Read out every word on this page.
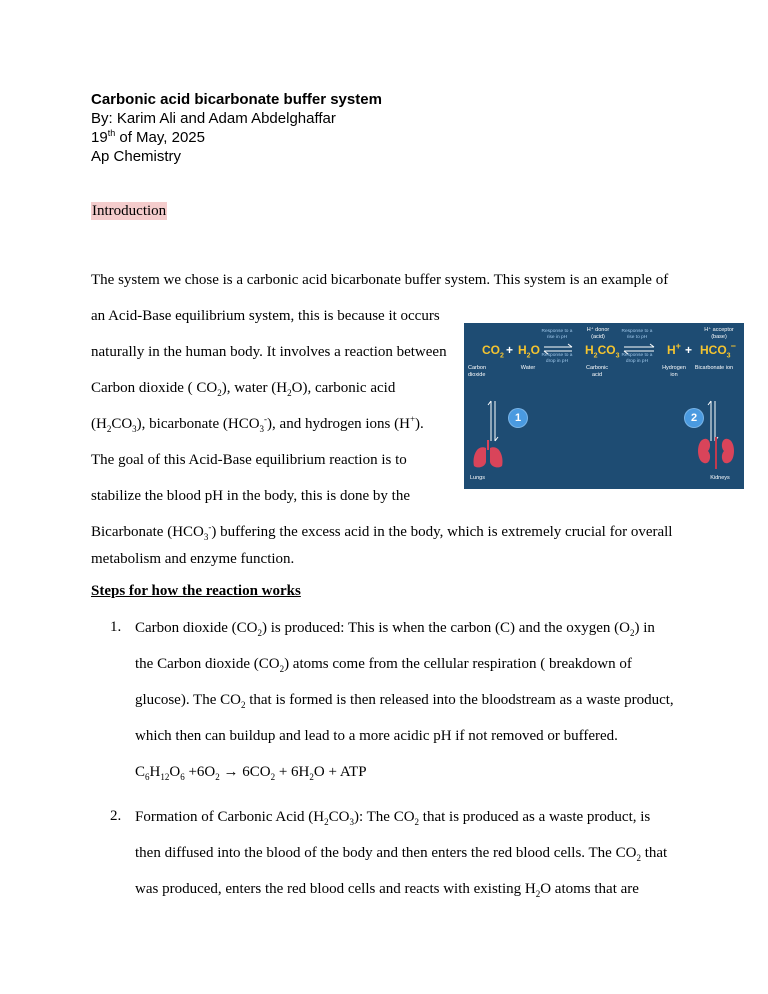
Carbonic acid bicarbonate buffer system
By: Karim Ali and Adam Abdelghaffar
19th of May, 2025
Ap Chemistry
Introduction
The system we chose is a carbonic acid bicarbonate buffer system. This system is an example of
an Acid-Base equilibrium system, this is because it occurs
naturally in the human body. It involves a reaction between
Carbon dioxide ( $CO_2$), water $(H_2O)$, carbonic acid
$(H_2CO_3)$, bicarbonate $(HCO_3^-)$, and hydrogen ions (H+).
The goal of this Acid-Base equilibrium reaction is to
stabilize the blood pH in the body, this is done by the
Bicarbonate $(HCO_3^-)$ buffering the excess acid in the body, which is extremely crucial for overall
metabolism and enzyme function.
Response to a rise in pH
Response to a drop in pH
Response to a rise to pH
Response to a drop in pH
H⁺ donor (acid)
H⁺ acceptor (base)
$CO_2 + H_2O$	$H_2CO_3$	$H^+ + HCO_3^-$
Carbon dioxide
Water	Carbonic acid
Hydrogen ion
Bicarbonate ion
1	2
Lungs	Kidneys
Steps for how the reaction works
1. Carbon dioxide $(CO_2)$ is produced: This is when the carbon (C) and the oxygen $(O_2)$ in
the Carbon dioxide $(CO_2)$ atoms come from the cellular respiration ( breakdown of
glucose). The $CO_2$ that is formed is then released into the bloodstream as a waste product,
which then can buildup and lead to a more acidic pH if not removed or buffered.
$C_6H_{12}O_6 +6O_2 \to 6CO_2 + 6H_2O$ + ATP
2. Formation of Carbonic Acid $(H_2CO_3)$: The $CO_2$ that is produced as a waste product, is
then diffused into the blood of the body and then enters the red blood cells. The $CO_2$ that
was produced, enters the red blood cells and reacts with existing $H_2O$ atoms that are
